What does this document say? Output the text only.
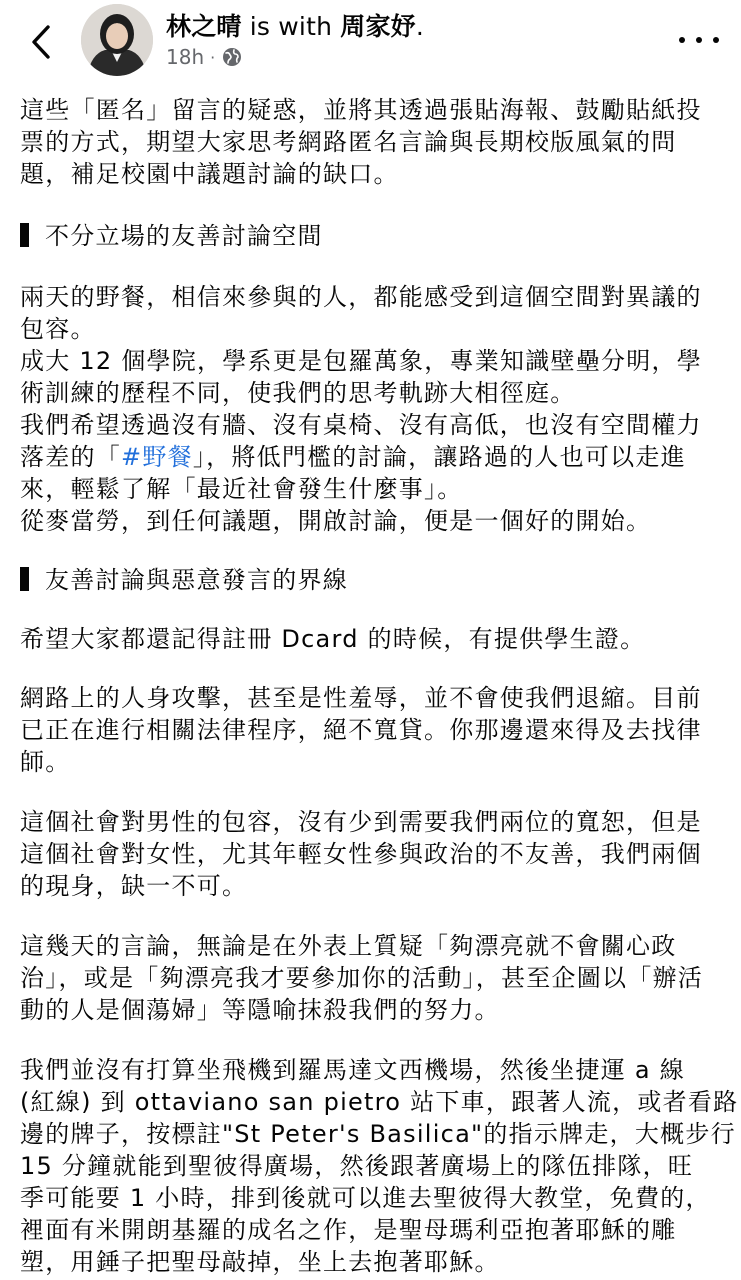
林之晴 is with 周家妤.
18h ·
這些「匿名」留言的疑惑，並將其透過張貼海報、鼓勵貼紙投
票的方式，期望大家思考網路匿名言論與長期校版風氣的問
題，補足校園中議題討論的缺口。
不分立場的友善討論空間
兩天的野餐，相信來參與的人，都能感受到這個空間對異議的
包容。
成大 12 個學院，學系更是包羅萬象，專業知識壁壘分明，學
術訓練的歷程不同，使我們的思考軌跡大相徑庭。
我們希望透過沒有牆、沒有桌椅、沒有高低，也沒有空間權力
落差的「#野餐」，將低門檻的討論，讓路過的人也可以走進
來，輕鬆了解「最近社會發生什麼事」。
從麥當勞，到任何議題，開啟討論，便是一個好的開始。
友善討論與惡意發言的界線
希望大家都還記得註冊 Dcard 的時候，有提供學生證。
網路上的人身攻擊，甚至是性羞辱，並不會使我們退縮。目前
已正在進行相關法律程序，絕不寬貸。你那邊還來得及去找律
師。
這個社會對男性的包容，沒有少到需要我們兩位的寬恕，但是
這個社會對女性，尤其年輕女性參與政治的不友善，我們兩個
的現身，缺一不可。
這幾天的言論，無論是在外表上質疑「夠漂亮就不會關心政
治」，或是「夠漂亮我才要參加你的活動」，甚至企圖以「辦活
動的人是個蕩婦」等隱喻抹殺我們的努力。
我們並沒有打算坐飛機到羅馬達文西機場，然後坐捷運 a 線
(紅線) 到 ottaviano san pietro 站下車，跟著人流，或者看路
邊的牌子，按標註"St Peter's Basilica"的指示牌走，大概步行
15 分鐘就能到聖彼得廣場，然後跟著廣場上的隊伍排隊，旺
季可能要 1 小時，排到後就可以進去聖彼得大教堂，免費的，
裡面有米開朗基羅的成名之作，是聖母瑪利亞抱著耶穌的雕
塑，用錘子把聖母敲掉，坐上去抱著耶穌。
